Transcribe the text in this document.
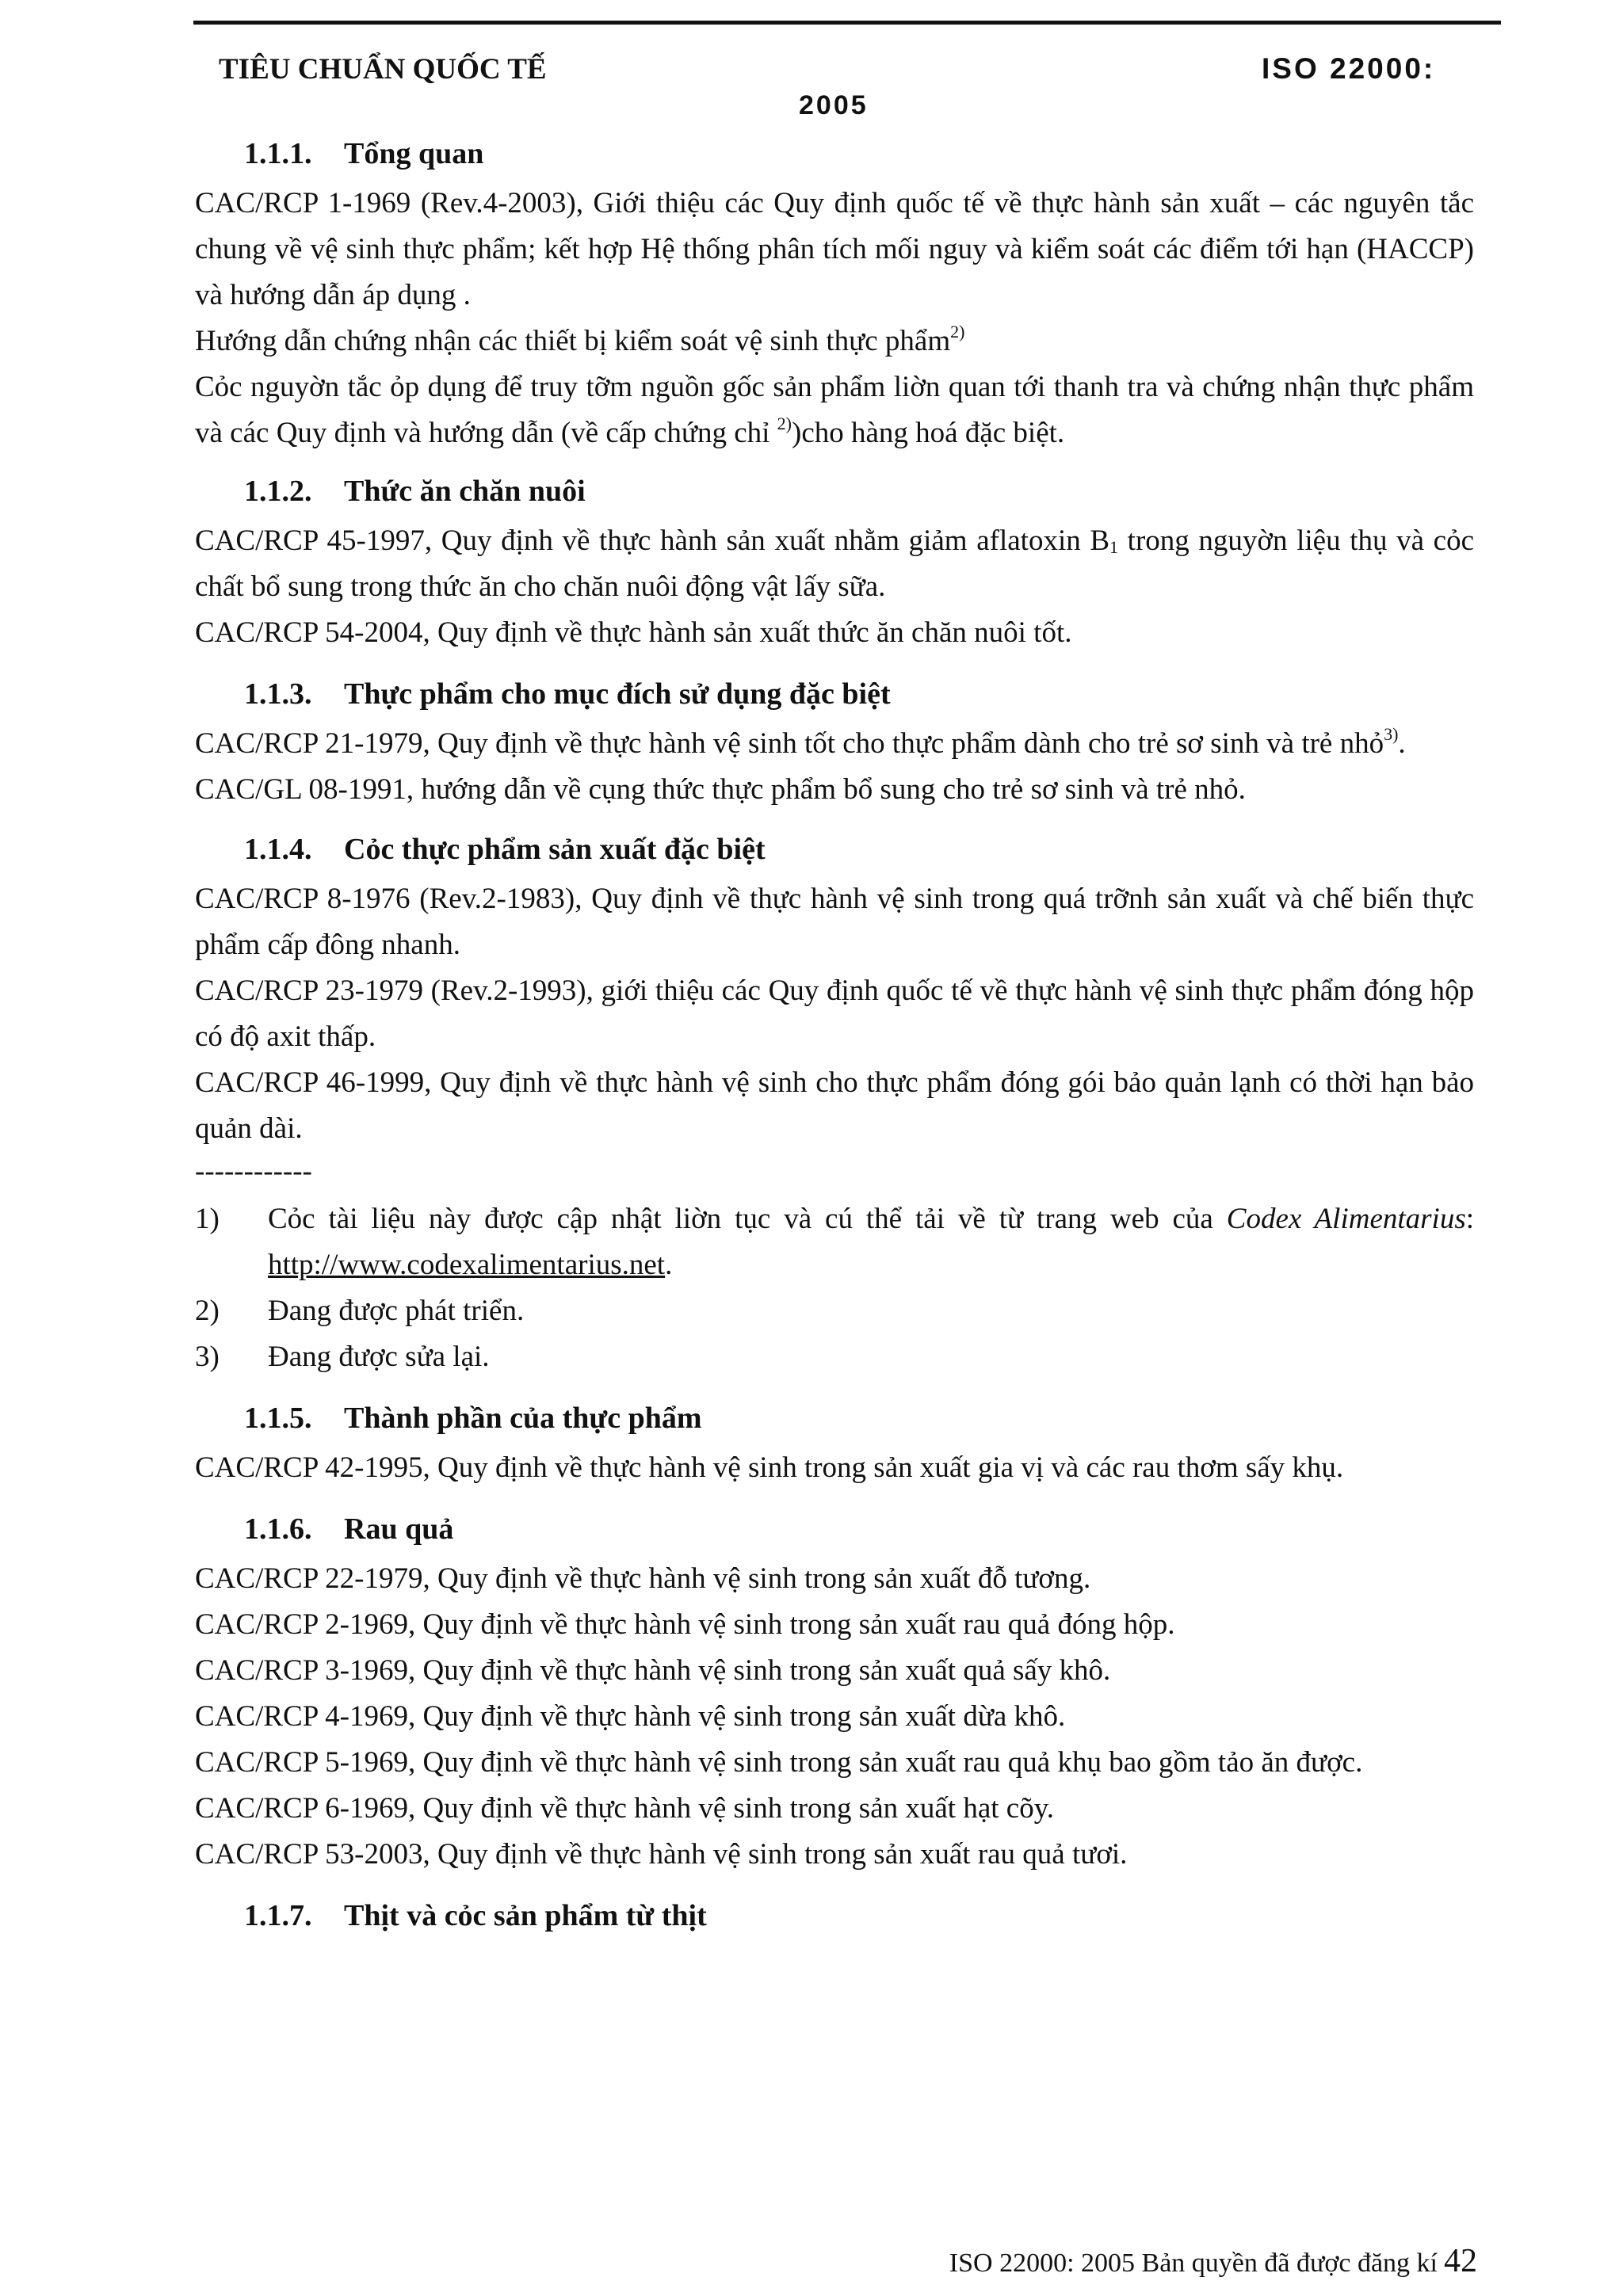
TIÊU CHUẨN QUỐC TẾ	ISO 22000:
2005
1.1.1. Tổng quan

CAC/RCP 1-1969 (Rev.4-2003), Giới thiệu các Quy định quốc tế về thực hành sản xuất – các nguyên tắc chung về vệ sinh thực phẩm; kết hợp Hệ thống phân tích mối nguy và kiểm soát các điểm tới hạn (HACCP) và hướng dẫn áp dụng .

Hướng dẫn chứng nhận các thiết bị kiểm soát vệ sinh thực phẩm$^{2)}$

Cỏc nguyờn tắc ỏp dụng để truy tỡm nguồn gốc sản phẩm liờn quan tới thanh tra và chứng nhận thực phẩm và các Quy định và hướng dẫn (về cấp chứng chỉ $^{2)}$)cho hàng hoá đặc biệt.

1.1.2. Thức ăn chăn nuôi

CAC/RCP 45-1997, Quy định về thực hành sản xuất nhằm giảm aflatoxin $B_1$ trong nguyờn liệu thụ và cỏc chất bổ sung trong thức ăn cho chăn nuôi động vật lấy sữa.

CAC/RCP 54-2004, Quy định về thực hành sản xuất thức ăn chăn nuôi tốt.

1.1.3. Thực phẩm cho mục đích sử dụng đặc biệt

CAC/RCP 21-1979, Quy định về thực hành vệ sinh tốt cho thực phẩm dành cho trẻ sơ sinh và trẻ nhỏ$^{3)}$.

CAC/GL 08-1991, hướng dẫn về cụng thức thực phẩm bổ sung cho trẻ sơ sinh và trẻ nhỏ.

1.1.4. Cỏc thực phẩm sản xuất đặc biệt

CAC/RCP 8-1976 (Rev.2-1983), Quy định về thực hành vệ sinh trong quá trỡnh sản xuất và chế biến thực phẩm cấp đông nhanh.

CAC/RCP 23-1979 (Rev.2-1993), giới thiệu các Quy định quốc tế về thực hành vệ sinh thực phẩm đóng hộp có độ axit thấp.

CAC/RCP 46-1999, Quy định về thực hành vệ sinh cho thực phẩm đóng gói bảo quản lạnh có thời hạn bảo quản dài.

------------

1)	Cỏc tài liệu này được cập nhật liờn tục và cú thể tải về từ trang web của Codex Alimentarius: http://www.codexalimentarius.net.
2)	Đang được phát triển.
3)	Đang được sửa lại.
1.1.5. Thành phần của thực phẩm

CAC/RCP 42-1995, Quy định về thực hành vệ sinh trong sản xuất gia vị và các rau thơm sấy khụ.

1.1.6. Rau quả

CAC/RCP 22-1979, Quy định về thực hành vệ sinh trong sản xuất đỗ tương.

CAC/RCP 2-1969, Quy định về thực hành vệ sinh trong sản xuất rau quả đóng hộp.

CAC/RCP 3-1969, Quy định về thực hành vệ sinh trong sản xuất quả sấy khô.

CAC/RCP 4-1969, Quy định về thực hành vệ sinh trong sản xuất dừa khô.

CAC/RCP 5-1969, Quy định về thực hành vệ sinh trong sản xuất rau quả khụ bao gồm tảo ăn được.

CAC/RCP 6-1969, Quy định về thực hành vệ sinh trong sản xuất hạt cõy.

CAC/RCP 53-2003, Quy định về thực hành vệ sinh trong sản xuất rau quả tươi.

1.1.7. Thịt và cỏc sản phẩm từ thịt
ISO 22000: 2005 Bản quyền đã được đăng kí 42
